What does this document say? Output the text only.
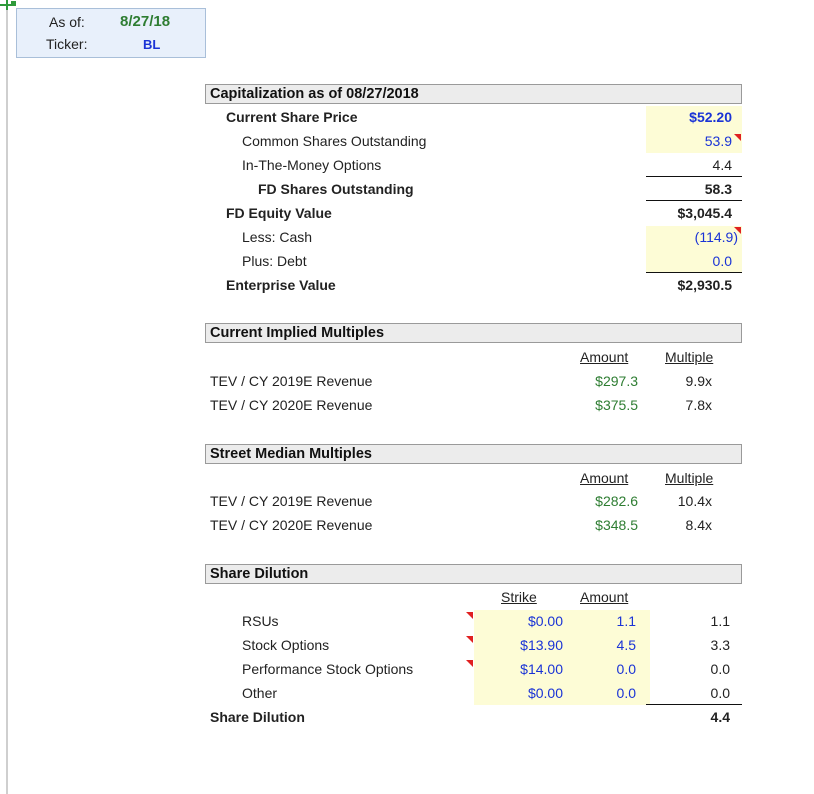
As of: 8/27/18
Ticker:	BL
Capitalization as of 08/27/2018
Current Share Price	$52.20
Common Shares Outstanding	53.9
In-The-Money Options	4.4
FD Shares Outstanding	58.3
FD Equity Value	$3,045.4
Less: Cash	(114.9)
Plus: Debt	0.0
Enterprise Value	$2,930.5
Current Implied Multiples
Amount	Multiple
TEV / CY 2019E Revenue	$297.3	9.9x
TEV / CY 2020E Revenue	$375.5	7.8x
Street Median Multiples
Amount	Multiple
TEV / CY 2019E Revenue	$282.6	10.4x
TEV / CY 2020E Revenue	$348.5	8.4x
Share Dilution
Strike	Amount
RSUs	$0.00	1.1	1.1
Stock Options	$13.90	4.5	3.3
Performance Stock Options	$14.00	0.0	0.0
Other	$0.00	0.0	0.0
Share Dilution	4.4
